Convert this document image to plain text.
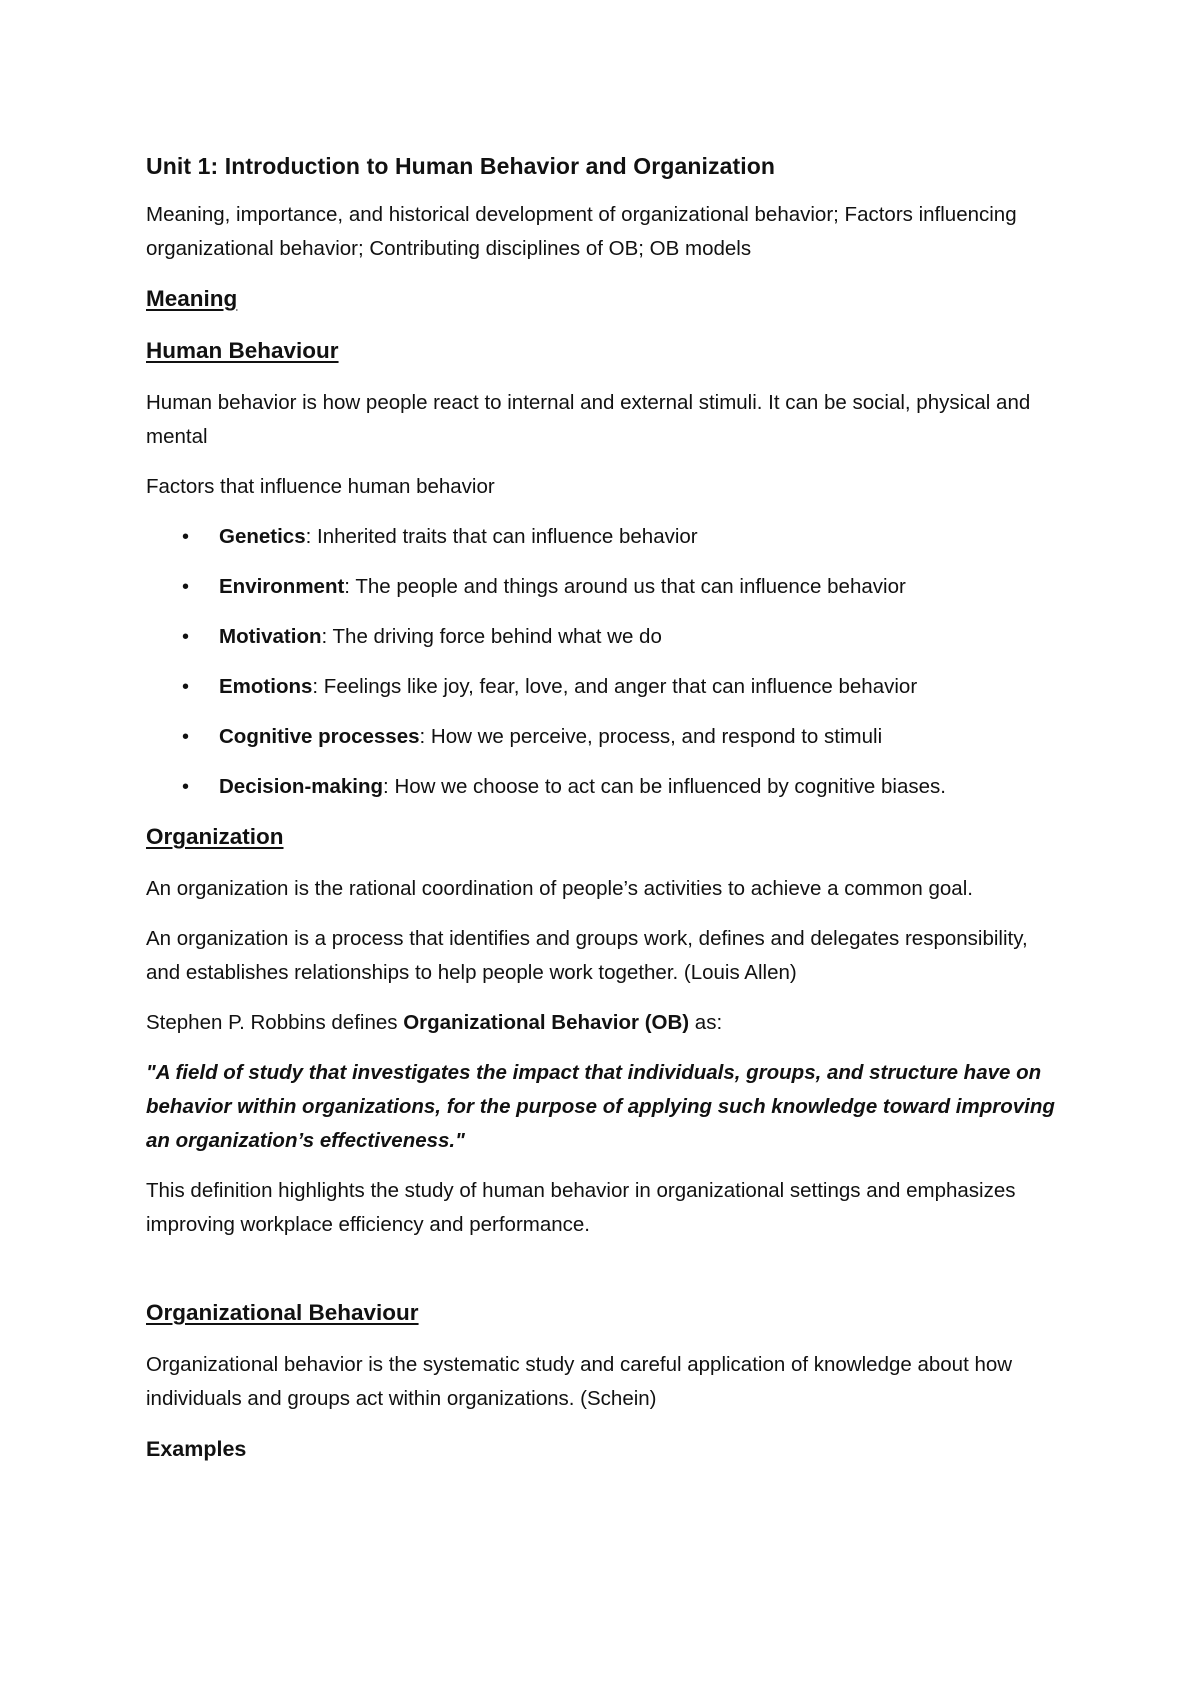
Unit 1: Introduction to Human Behavior and Organization

Meaning, importance, and historical development of organizational behavior; Factors influencing organizational behavior; Contributing disciplines of OB; OB models

Meaning
Human Behaviour

Human behavior is how people react to internal and external stimuli. It can be social, physical and mental

Factors that influence human behavior

• Genetics: Inherited traits that can influence behavior
• Environment: The people and things around us that can influence behavior
• Motivation: The driving force behind what we do
• Emotions: Feelings like joy, fear, love, and anger that can influence behavior
• Cognitive processes: How we perceive, process, and respond to stimuli
• Decision-making: How we choose to act can be influenced by cognitive biases.
Organization

An organization is the rational coordination of people’s activities to achieve a common goal.

An organization is a process that identifies and groups work, defines and delegates responsibility, and establishes relationships to help people work together. (Louis Allen)

Stephen P. Robbins defines Organizational Behavior (OB) as:

"A field of study that investigates the impact that individuals, groups, and structure have on behavior within organizations, for the purpose of applying such knowledge toward improving an organization’s effectiveness."

This definition highlights the study of human behavior in organizational settings and emphasizes improving workplace efficiency and performance.

Organizational Behaviour

Organizational behavior is the systematic study and careful application of knowledge about how individuals and groups act within organizations. (Schein)

Examples
